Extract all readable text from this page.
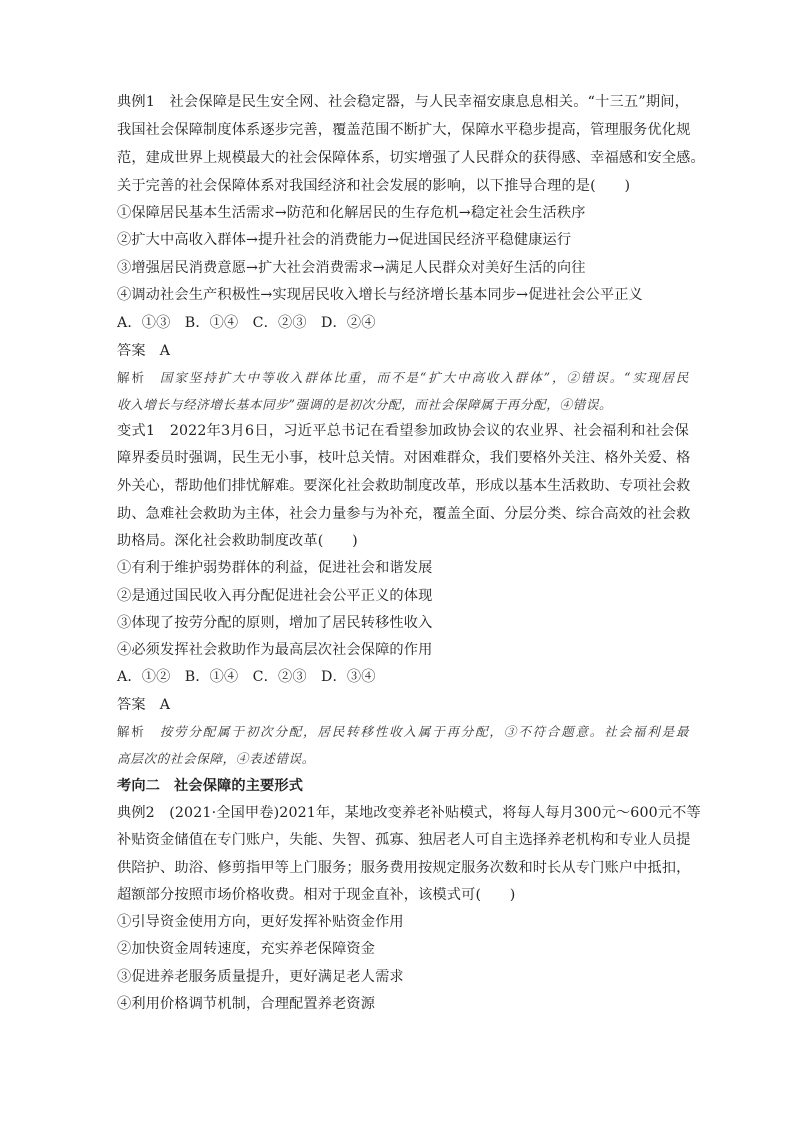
典例1　社会保障是民生安全网、社会稳定器，与人民幸福安康息息相关。“十三五”期间，
我国社会保障制度体系逐步完善，覆盖范围不断扩大，保障水平稳步提高，管理服务优化规
范，建成世界上规模最大的社会保障体系，切实增强了人民群众的获得感、幸福感和安全感。
关于完善的社会保障体系对我国经济和社会发展的影响，以下推导合理的是(　　)
①保障居民基本生活需求→防范和化解居民的生存危机→稳定社会生活秩序
②扩大中高收入群体→提升社会的消费能力→促进国民经济平稳健康运行
③增强居民消费意愿→扩大社会消费需求→满足人民群众对美好生活的向往
④调动社会生产积极性→实现居民收入增长与经济增长基本同步→促进社会公平正义
A．①③　B．①④　C．②③　D．②④
答案 A
解析 国家坚持扩大中等收入群体比重，而不是“扩大中高收入群体”，②错误。“实现居民
收入增长与经济增长基本同步”强调的是初次分配，而社会保障属于再分配，④错误。
变式1　2022年3月6日，习近平总书记在看望参加政协会议的农业界、社会福利和社会保
障界委员时强调，民生无小事，枝叶总关情。对困难群众，我们要格外关注、格外关爱、格
外关心，帮助他们排忧解难。要深化社会救助制度改革，形成以基本生活救助、专项社会救
助、急难社会救助为主体，社会力量参与为补充，覆盖全面、分层分类、综合高效的社会救
助格局。深化社会救助制度改革(　　)
①有利于维护弱势群体的利益，促进社会和谐发展
②是通过国民收入再分配促进社会公平正义的体现
③体现了按劳分配的原则，增加了居民转移性收入
④必须发挥社会救助作为最高层次社会保障的作用
A．①②　B．①④　C．②③　D．③④
答案 A
解析 按劳分配属于初次分配，居民转移性收入属于再分配，③不符合题意。社会福利是最
高层次的社会保障，④表述错误。
考向二 社会保障的主要形式
典例2　(2021·全国甲卷)2021年，某地改变养老补贴模式，将每人每月300元～600元不等
补贴资金储值在专门账户，失能、失智、孤寡、独居老人可自主选择养老机构和专业人员提
供陪护、助浴、修剪指甲等上门服务；服务费用按规定服务次数和时长从专门账户中抵扣，
超额部分按照市场价格收费。相对于现金直补，该模式可(　　)
①引导资金使用方向，更好发挥补贴资金作用
②加快资金周转速度，充实养老保障资金
③促进养老服务质量提升，更好满足老人需求
④利用价格调节机制，合理配置养老资源
